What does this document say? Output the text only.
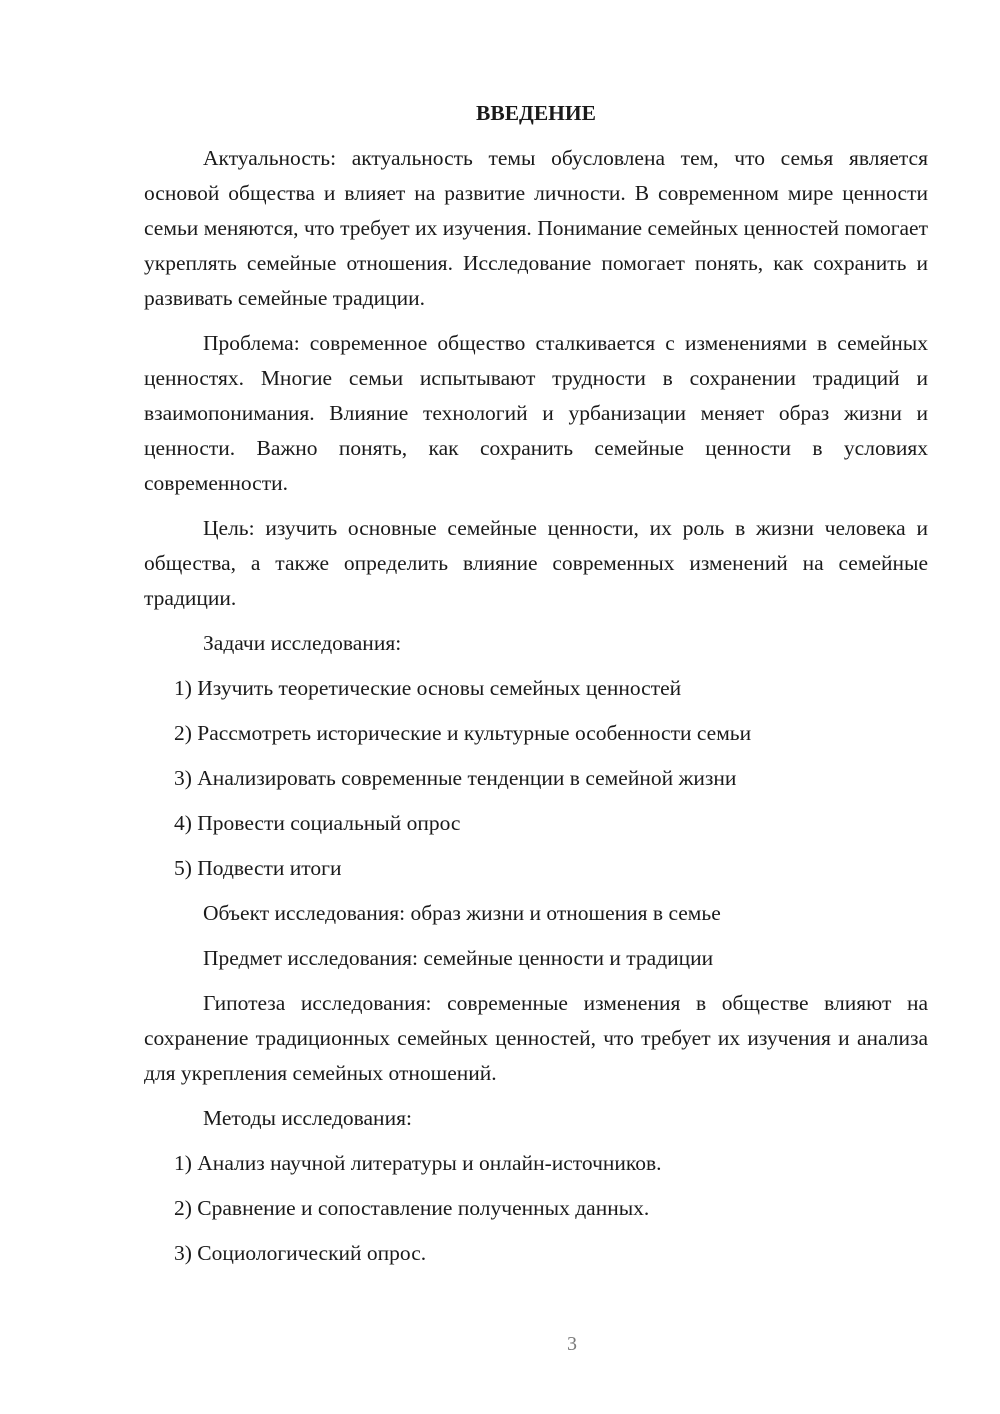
ВВЕДЕНИЕ
Актуальность: актуальность темы обусловлена тем, что семья является основой общества и влияет на развитие личности. В современном мире ценности семьи меняются, что требует их изучения. Понимание семейных ценностей помогает укреплять семейные отношения. Исследование помогает понять, как сохранить и развивать семейные традиции.
Проблема: современное общество сталкивается с изменениями в семейных ценностях. Многие семьи испытывают трудности в сохранении традиций и взаимопонимания. Влияние технологий и урбанизации меняет образ жизни и ценности. Важно понять, как сохранить семейные ценности в условиях современности.
Цель: изучить основные семейные ценности, их роль в жизни человека и общества, а также определить влияние современных изменений на семейные традиции.
Задачи исследования:
1) Изучить теоретические основы семейных ценностей
2) Рассмотреть исторические и культурные особенности семьи
3) Анализировать современные тенденции в семейной жизни
4) Провести социальный опрос
5) Подвести итоги
Объект исследования: образ жизни и отношения в семье
Предмет исследования: семейные ценности и традиции
Гипотеза исследования: современные изменения в обществе влияют на сохранение традиционных семейных ценностей, что требует их изучения и анализа для укрепления семейных отношений.
Методы исследования:
1) Анализ научной литературы и онлайн-источников.
2) Сравнение и сопоставление полученных данных.
3) Социологический опрос.
3
